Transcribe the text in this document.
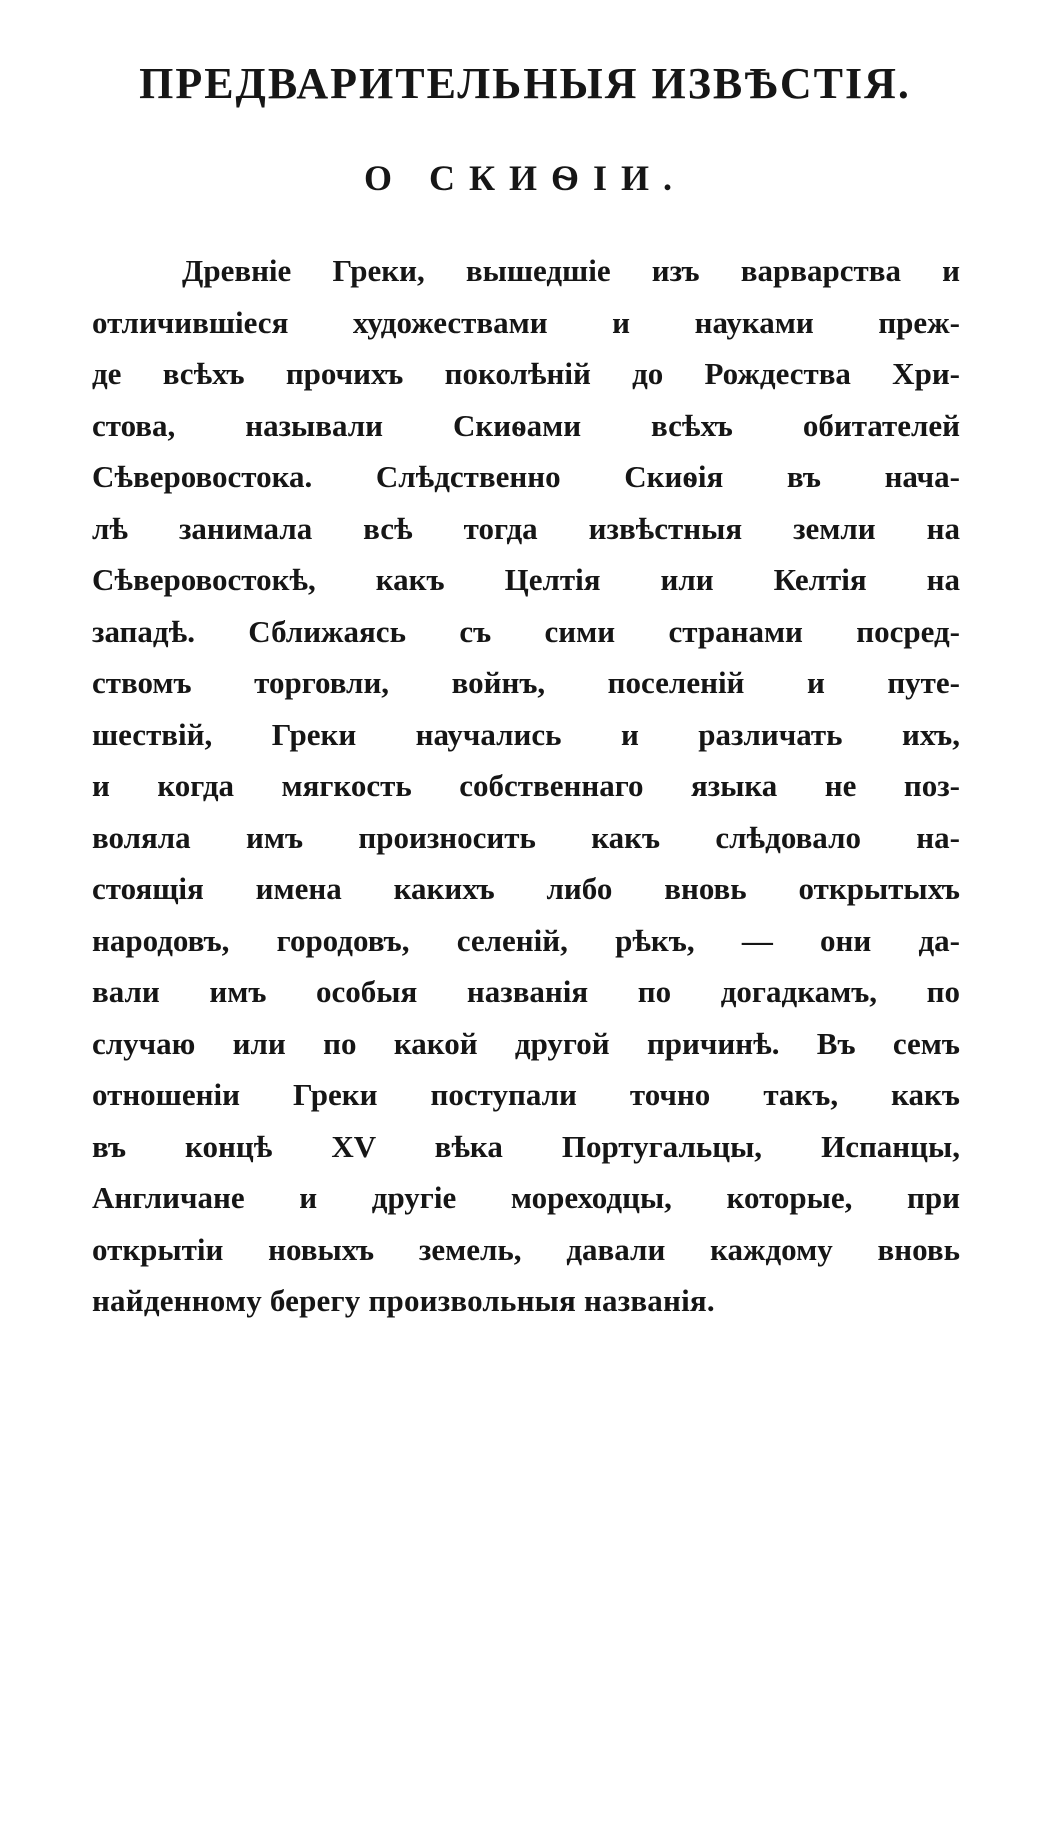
ПРЕДВАРИТЕЛЬНЫЯ ИЗВѢСТІЯ.
О СКИѲІИ.
Древніе Греки, вышедшіе изъ варварства и
отличившіеся художествами и науками преж-
де всѣхъ прочихъ поколѣній до Рождества Хри-
стова, называли Скиѳами всѣхъ обитателей
Сѣверовостока. Слѣдственно Скиѳія въ нача-
лѣ занимала всѣ тогда извѣстныя земли на
Сѣверовостокѣ, какъ Целтія или Келтія на
западѣ. Сближаясь съ сими странами посред-
ствомъ торговли, войнъ, поселеній и путе-
шествій, Греки научались и различать ихъ,
и когда мягкость собственнаго языка не поз-
воляла имъ произносить какъ слѣдовало на-
стоящія имена какихъ либо вновь открытыхъ
народовъ, городовъ, селеній, рѣкъ, — они да-
вали имъ особыя названія по догадкамъ, по
случаю или по какой другой причинѣ. Въ семъ
отношеніи Греки поступали точно такъ, какъ
въ концѣ XV вѣка Португальцы, Испанцы,
Англичане и другіе мореходцы, которые, при
открытіи новыхъ земель, давали каждому вновь
найденному берегу произвольныя названія.
